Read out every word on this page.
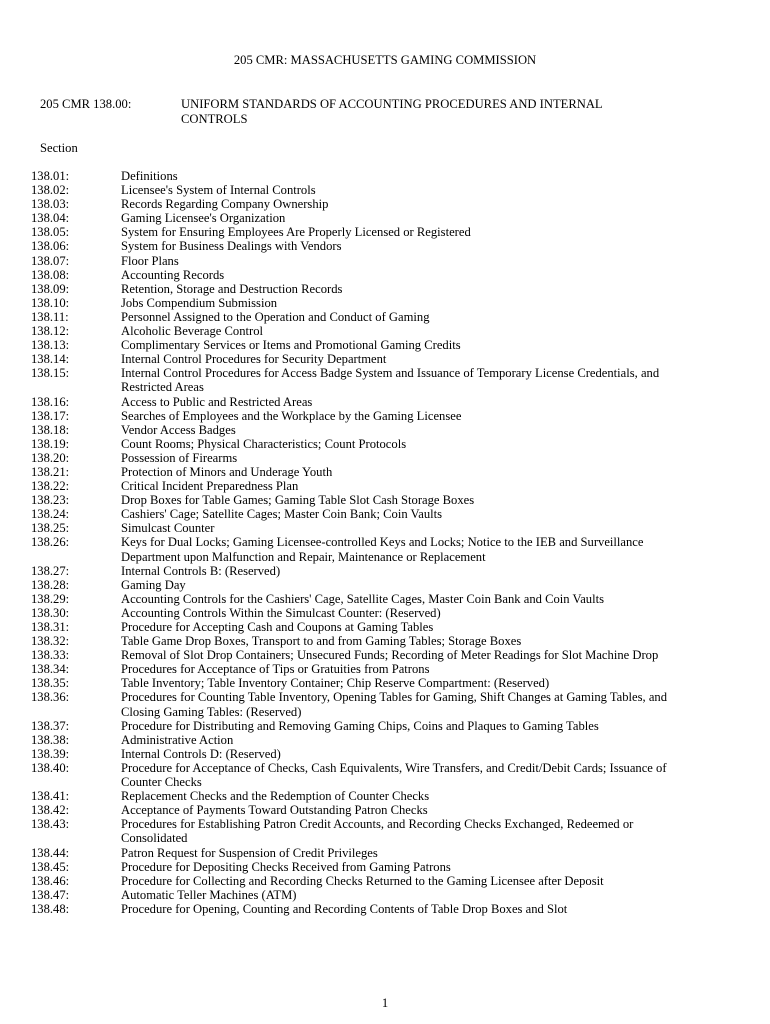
205 CMR: MASSACHUSETTS GAMING COMMISSION
205 CMR 138.00:	UNIFORM STANDARDS OF ACCOUNTING PROCEDURES AND INTERNAL CONTROLS
Section
138.01:	Definitions
138.02:	Licensee's System of Internal Controls
138.03:	Records Regarding Company Ownership
138.04:	Gaming Licensee's Organization
138.05:	System for Ensuring Employees Are Properly Licensed or Registered
138.06:	System for Business Dealings with Vendors
138.07:	Floor Plans
138.08:	Accounting Records
138.09:	Retention, Storage and Destruction Records
138.10:	Jobs Compendium Submission
138.11:	Personnel Assigned to the Operation and Conduct of Gaming
138.12:	Alcoholic Beverage Control
138.13:	Complimentary Services or Items and Promotional Gaming Credits
138.14:	Internal Control Procedures for Security Department
138.15:	Internal Control Procedures for Access Badge System and Issuance of Temporary License Credentials, and Restricted Areas
138.16:	Access to Public and Restricted Areas
138.17:	Searches of Employees and the Workplace by the Gaming Licensee
138.18:	Vendor Access Badges
138.19:	Count Rooms; Physical Characteristics; Count Protocols
138.20:	Possession of Firearms
138.21:	Protection of Minors and Underage Youth
138.22:	Critical Incident Preparedness Plan
138.23:	Drop Boxes for Table Games; Gaming Table Slot Cash Storage Boxes
138.24:	Cashiers' Cage; Satellite Cages; Master Coin Bank; Coin Vaults
138.25:	Simulcast Counter
138.26:	Keys for Dual Locks; Gaming Licensee-controlled Keys and Locks; Notice to the IEB and Surveillance Department upon Malfunction and Repair, Maintenance or Replacement
138.27:	Internal Controls B: (Reserved)
138.28:	Gaming Day
138.29:	Accounting Controls for the Cashiers' Cage, Satellite Cages, Master Coin Bank and Coin Vaults
138.30:	Accounting Controls Within the Simulcast Counter: (Reserved)
138.31:	Procedure for Accepting Cash and Coupons at Gaming Tables
138.32:	Table Game Drop Boxes, Transport to and from Gaming Tables; Storage Boxes
138.33:	Removal of Slot Drop Containers; Unsecured Funds; Recording of Meter Readings for Slot Machine Drop
138.34:	Procedures for Acceptance of Tips or Gratuities from Patrons
138.35:	Table Inventory; Table Inventory Container; Chip Reserve Compartment: (Reserved)
138.36:	Procedures for Counting Table Inventory, Opening Tables for Gaming, Shift Changes at Gaming Tables, and Closing Gaming Tables: (Reserved)
138.37:	Procedure for Distributing and Removing Gaming Chips, Coins and Plaques to Gaming Tables
138.38:	Administrative Action
138.39:	Internal Controls D: (Reserved)
138.40:	Procedure for Acceptance of Checks, Cash Equivalents, Wire Transfers, and Credit/Debit Cards; Issuance of Counter Checks
138.41:	Replacement Checks and the Redemption of Counter Checks
138.42:	Acceptance of Payments Toward Outstanding Patron Checks
138.43:	Procedures for Establishing Patron Credit Accounts, and Recording Checks Exchanged, Redeemed or Consolidated
138.44:	Patron Request for Suspension of Credit Privileges
138.45:	Procedure for Depositing Checks Received from Gaming Patrons
138.46:	Procedure for Collecting and Recording Checks Returned to the Gaming Licensee after Deposit
138.47:	Automatic Teller Machines (ATM)
138.48:	Procedure for Opening, Counting and Recording Contents of Table Drop Boxes and Slot
1
